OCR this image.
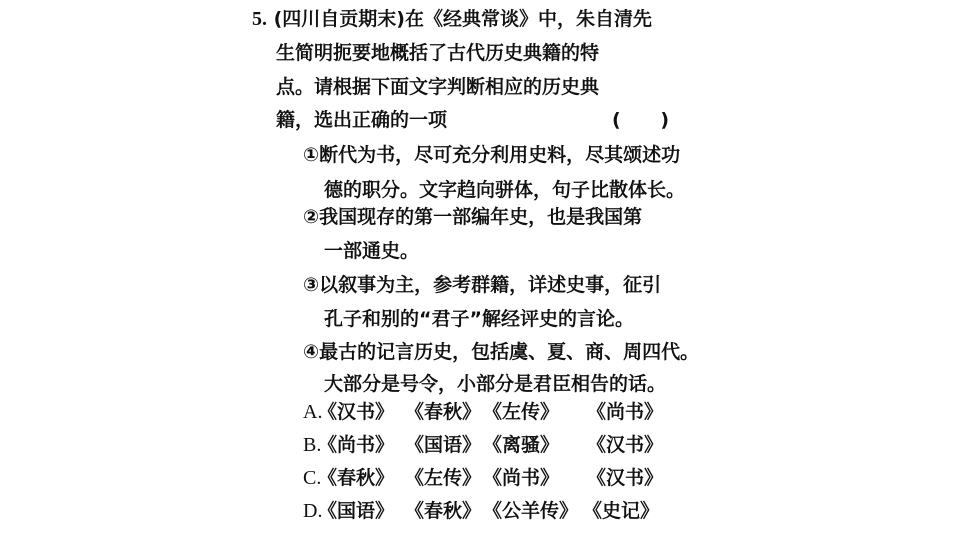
5. (四川自贡期末)在《经典常谈》中，朱自清先
生简明扼要地概括了古代历史典籍的特
点。请根据下面文字判断相应的历史典
籍，选出正确的一项	(      )
①断代为书，尽可充分利用史料，尽其颂述功
德的职分。文字趋向骈体，句子比散体长。
②我国现存的第一部编年史，也是我国第
一部通史。
③以叙事为主，参考群籍，详述史事，征引
孔子和别的“君子”解经评史的言论。
④最古的记言历史，包括虞、夏、商、周四代。
大部分是号令，小部分是君臣相告的话。
A.
《汉书》 《春秋》 《左传》 《尚书》
B.
《尚书》 《国语》 《离骚》 《汉书》
C.
《春秋》 《左传》 《尚书》 《汉书》
D.
《国语》 《春秋》 《公羊传》 《史记》
